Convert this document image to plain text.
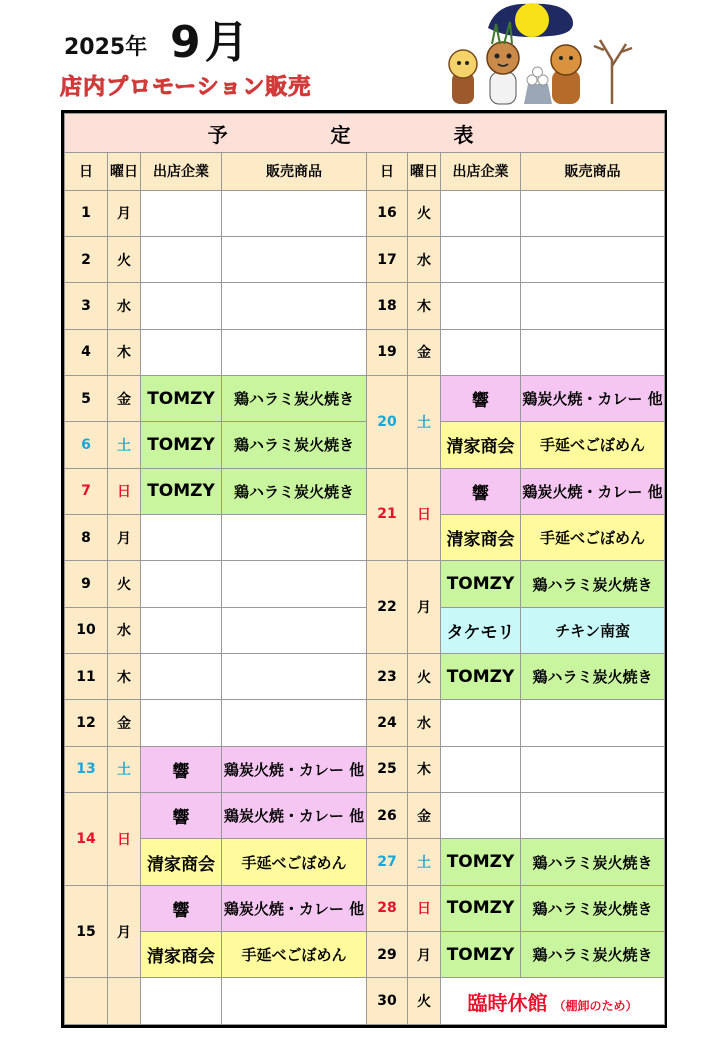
2025年 9月
店内プロモーション販売
予 定 表							
日	曜日	出店企業	販売商品	日	曜日	出店企業	販売商品
1	月			16	火		
2	火			17	水		
3	水			18	木		
4	木			19	金		
5	金	TOMZY	鶏ハラミ炭火焼き	20	土	響	鶏炭火焼・カレー 他
6	土	TOMZY	鶏ハラミ炭火焼き			清家商会	手延べごぼめん
7	日	TOMZY	鶏ハラミ炭火焼き	21	日	響	鶏炭火焼・カレー 他
8	月					清家商会	手延べごぼめん
9	火			22	月	TOMZY	鶏ハラミ炭火焼き
10	水					タケモリ	チキン南蛮
11	木			23	火	TOMZY	鶏ハラミ炭火焼き
12	金			24	水		
13	土	響	鶏炭火焼・カレー 他	25	木		
14	日	響	鶏炭火焼・カレー 他	26	金		
		清家商会	手延べごぼめん	27	土	TOMZY	鶏ハラミ炭火焼き
15	月	響	鶏炭火焼・カレー 他	28	日	TOMZY	鶏ハラミ炭火焼き
		清家商会	手延べごぼめん	29	月	TOMZY	鶏ハラミ炭火焼き
				30	火	臨時休館 （棚卸のため）	
